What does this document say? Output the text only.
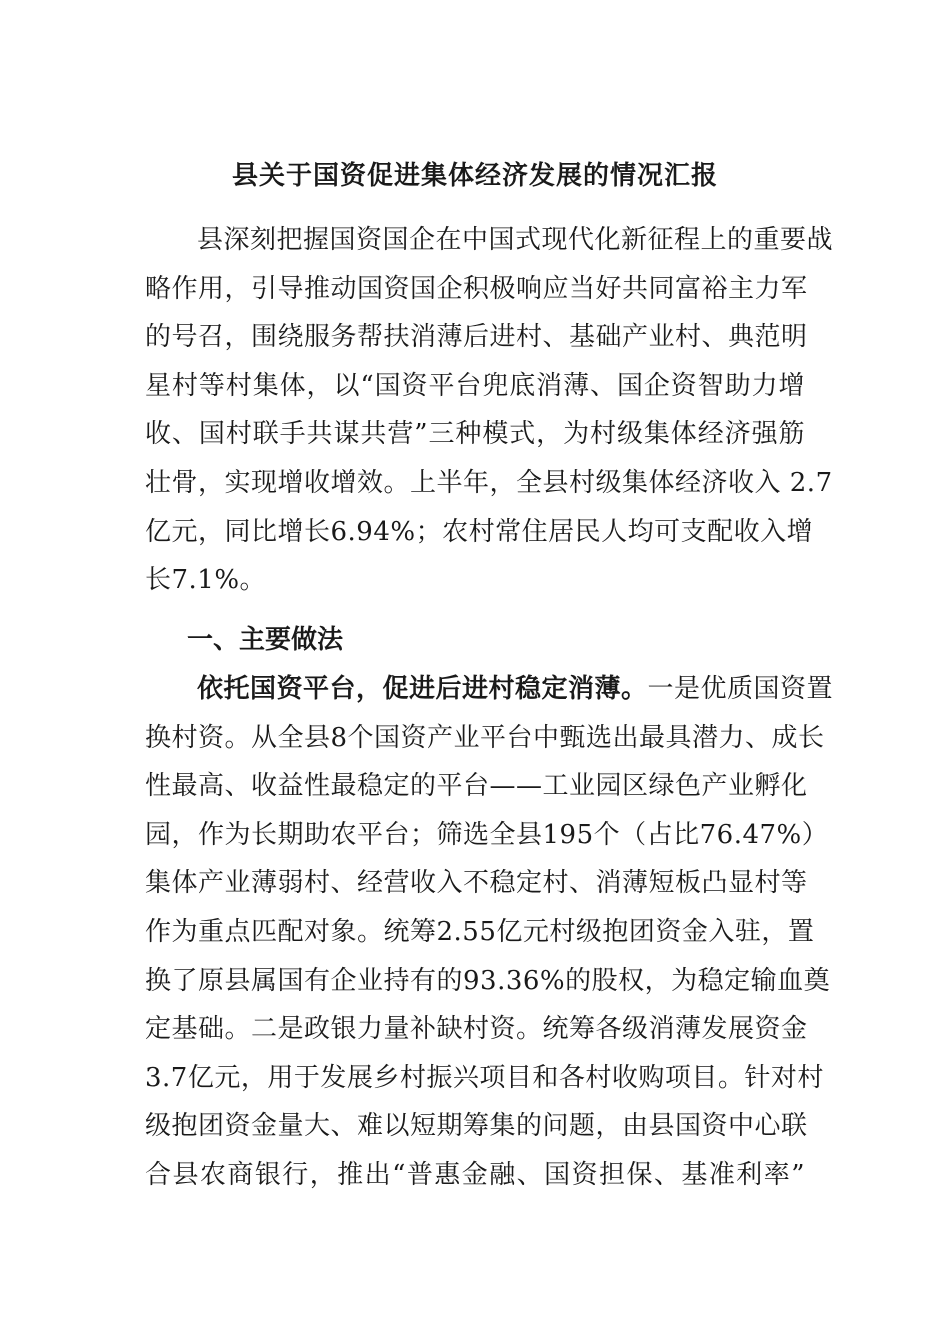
县关于国资促进集体经济发展的情况汇报
县深刻把握国资国企在中国式现代化新征程上的重要战
略作用，引导推动国资国企积极响应当好共同富裕主力军
的号召，围绕服务帮扶消薄后进村、基础产业村、典范明
星村等村集体，以“国资平台兜底消薄、国企资智助力增
收、国村联手共谋共营”三种模式，为村级集体经济强筋
壮骨，实现增收增效。上半年，全县村级集体经济收入 2.7
亿元，同比增长6.94%；农村常住居民人均可支配收入增
长7.1%。
一、主要做法
依托国资平台，促进后进村稳定消薄。一是优质国资置
换村资。从全县8个国资产业平台中甄选出最具潜力、成长
性最高、收益性最稳定的平台——工业园区绿色产业孵化
园，作为长期助农平台；筛选全县195个（占比76.47%）
集体产业薄弱村、经营收入不稳定村、消薄短板凸显村等
作为重点匹配对象。统筹2.55亿元村级抱团资金入驻，置
换了原县属国有企业持有的93.36%的股权，为稳定输血奠
定基础。二是政银力量补缺村资。统筹各级消薄发展资金
3.7亿元，用于发展乡村振兴项目和各村收购项目。针对村
级抱团资金量大、难以短期筹集的问题，由县国资中心联
合县农商银行，推出“普惠金融、国资担保、基准利率”
